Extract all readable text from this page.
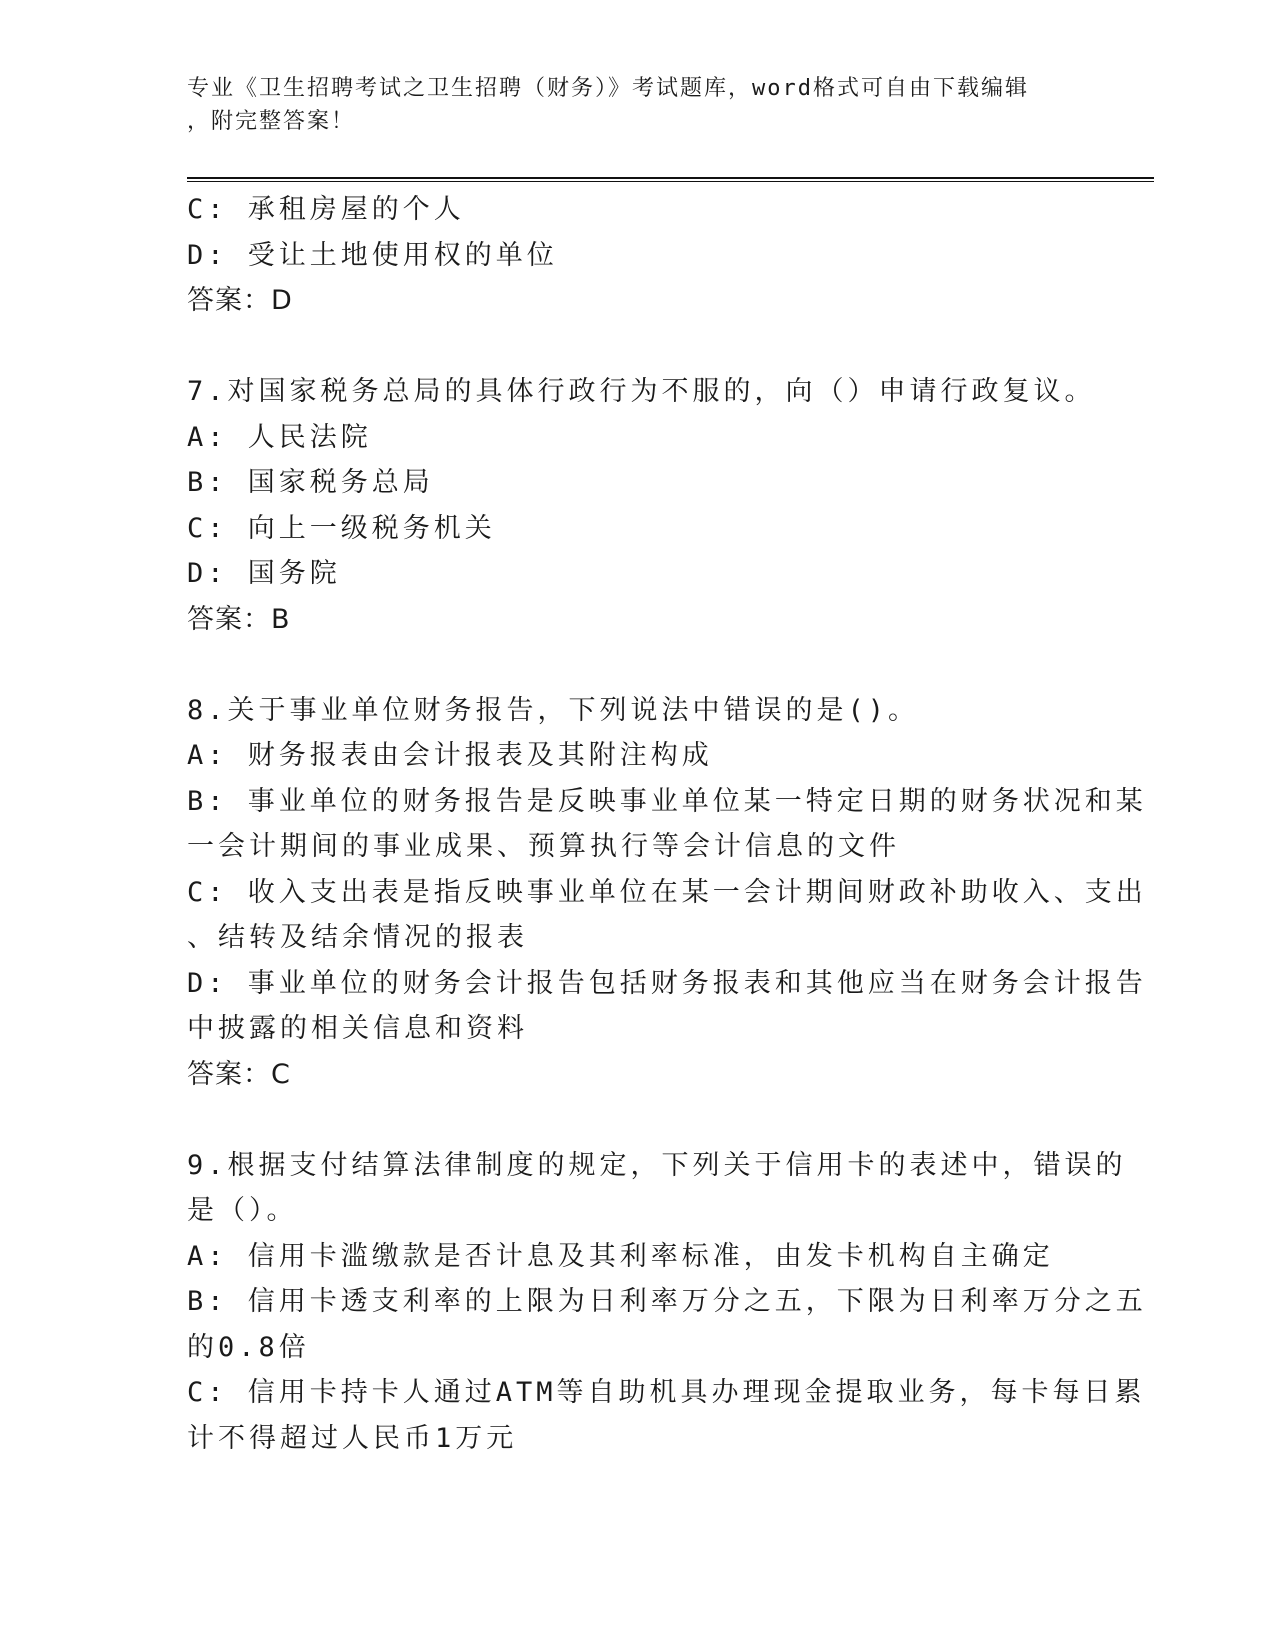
专业《卫生招聘考试之卫生招聘（财务）》考试题库，word格式可自由下载编辑
，附完整答案！
C: 承租房屋的个人
D: 受让土地使用权的单位
答案：D
7.对国家税务总局的具体行政行为不服的，向（）申请行政复议。
A: 人民法院
B: 国家税务总局
C: 向上一级税务机关
D: 国务院
答案：B
8.关于事业单位财务报告，下列说法中错误的是()。
A: 财务报表由会计报表及其附注构成
B: 事业单位的财务报告是反映事业单位某一特定日期的财务状况和某
一会计期间的事业成果、预算执行等会计信息的文件
C: 收入支出表是指反映事业单位在某一会计期间财政补助收入、支出
、结转及结余情况的报表
D: 事业单位的财务会计报告包括财务报表和其他应当在财务会计报告
中披露的相关信息和资料
答案：C
9.根据支付结算法律制度的规定，下列关于信用卡的表述中，错误的
是（）。
A: 信用卡滥缴款是否计息及其利率标准，由发卡机构自主确定
B: 信用卡透支利率的上限为日利率万分之五，下限为日利率万分之五
的0.8倍
C: 信用卡持卡人通过ATM等自助机具办理现金提取业务，每卡每日累
计不得超过人民币1万元
